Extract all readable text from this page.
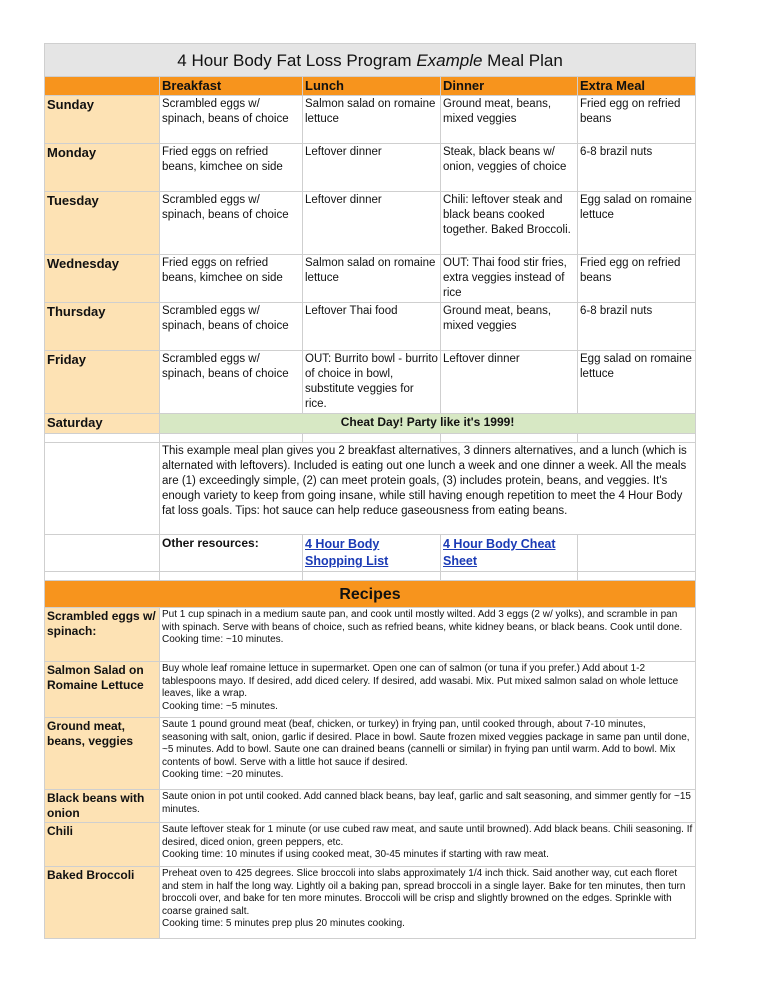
4 Hour Body Fat Loss Program Example Meal Plan				
	Breakfast	Lunch	Dinner	Extra Meal
Sunday	Scrambled eggs w/ spinach, beans of choice	Salmon salad on romaine lettuce	Ground meat, beans, mixed veggies	Fried egg on refried beans
Monday	Fried eggs on refried beans, kimchee on side	Leftover dinner	Steak, black beans w/ onion, veggies of choice	6-8 brazil nuts
Tuesday	Scrambled eggs w/ spinach, beans of choice	Leftover dinner	Chili: leftover steak and black beans cooked together. Baked Broccoli.	Egg salad on romaine lettuce
Wednesday	Fried eggs on refried beans, kimchee on side	Salmon salad on romaine lettuce	OUT: Thai food stir fries, extra veggies instead of rice	Fried egg on refried beans
Thursday	Scrambled eggs w/ spinach, beans of choice	Leftover Thai food	Ground meat, beans, mixed veggies	6-8 brazil nuts
Friday	Scrambled eggs w/ spinach, beans of choice	OUT: Burrito bowl - burrito of choice in bowl, substitute veggies for rice.	Leftover dinner	Egg salad on romaine lettuce
Saturday	Cheat Day! Party like it's 1999!			

	This example meal plan gives you 2 breakfast alternatives, 3 dinners alternatives, and a lunch (which is alternated with leftovers). Included is eating out one lunch a week and one dinner a week. All the meals are (1) exceedingly simple, (2) can meet protein goals, (3) includes protein, beans, and veggies. It's enough variety to keep from going insane, while still having enough repetition to meet the 4 Hour Body fat loss goals. Tips: hot sauce can help reduce gaseousness from eating beans.			
	Other resources:	4 Hour Body Shopping List	4 Hour Body Cheat Sheet	

Recipes				
Scrambled eggs w/ spinach:	Put 1 cup spinach in a medium saute pan, and cook until mostly wilted. Add 3 eggs (2 w/ yolks), and scramble in pan with spinach. Serve with beans of choice, such as refried beans, white kidney beans, or black beans. Cook until done.
Cooking time: ~10 minutes.			
Salmon Salad on Romaine Lettuce	Buy whole leaf romaine lettuce in supermarket. Open one can of salmon (or tuna if you prefer.) Add about 1-2 tablespoons mayo. If desired, add diced celery. If desired, add wasabi. Mix. Put mixed salmon salad on whole lettuce leaves, like a wrap.
Cooking time: ~5 minutes.			
Ground meat, beans, veggies	Saute 1 pound ground meat (beaf, chicken, or turkey) in frying pan, until cooked through, about 7-10 minutes, seasoning with salt, onion, garlic if desired. Place in bowl. Saute frozen mixed veggies package in same pan until done, ~5 minutes. Add to bowl. Saute one can drained beans (cannelli or similar) in frying pan until warm. Add to bowl. Mix contents of bowl. Serve with a little hot sauce if desired.
Cooking time: ~20 minutes.			
Black beans with onion	Saute onion in pot until cooked. Add canned black beans, bay leaf, garlic and salt seasoning, and simmer gently for ~15 minutes.			
Chili	Saute leftover steak for 1 minute (or use cubed raw meat, and saute until browned). Add black beans. Chili seasoning. If desired, diced onion, green peppers, etc.
Cooking time: 10 minutes if using cooked meat, 30-45 minutes if starting with raw meat.			
Baked Broccoli	Preheat oven to 425 degrees. Slice broccoli into slabs approximately 1/4 inch thick. Said another way, cut each floret and stem in half the long way. Lightly oil a baking pan, spread broccoli in a single layer. Bake for ten minutes, then turn broccoli over, and bake for ten more minutes. Broccoli will be crisp and slightly browned on the edges. Sprinkle with coarse grained salt.
Cooking time: 5 minutes prep plus 20 minutes cooking.			
